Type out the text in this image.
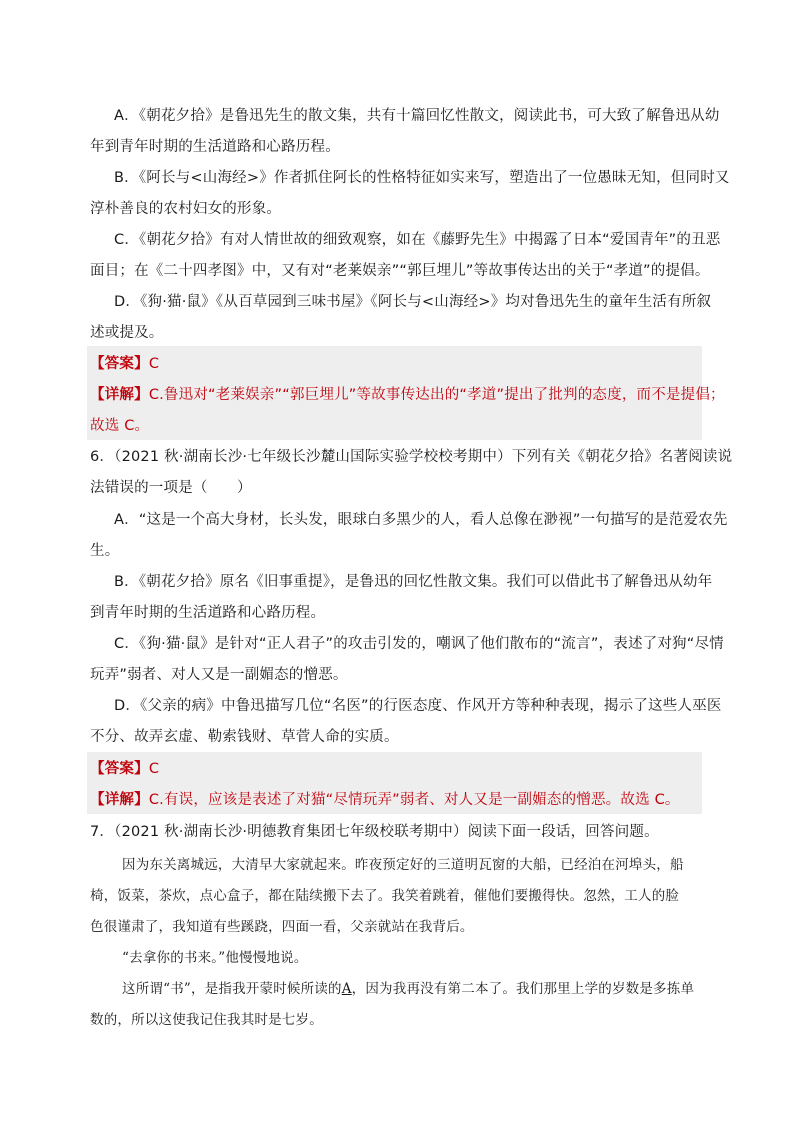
A．《朝花夕拾》是鲁迅先生的散文集，共有十篇回忆性散文，阅读此书，可大致了解鲁迅从幼
年到青年时期的生活道路和心路历程。
B．《阿长与<山海经>》作者抓住阿长的性格特征如实来写，塑造出了一位愚昧无知，但同时又
淳朴善良的农村妇女的形象。
C．《朝花夕拾》有对人情世故的细致观察，如在《藤野先生》中揭露了日本“爱国青年”的丑恶
面目；在《二十四孝图》中，又有对“老莱娱亲”“郭巨埋儿”等故事传达出的关于“孝道”的提倡。
D．《狗·猫·鼠》《从百草园到三味书屋》《阿长与<山海经>》均对鲁迅先生的童年生活有所叙
述或提及。
【答案】C
【详解】C.鲁迅对“老莱娱亲”“郭巨埋儿”等故事传达出的“孝道”提出了批判的态度，而不是提倡；
故选 C。
6．（2021 秋·湖南长沙·七年级长沙麓山国际实验学校校考期中）下列有关《朝花夕拾》名著阅读说
法错误的一项是（　　）
A．“这是一个高大身材，长头发，眼球白多黑少的人，看人总像在渺视”一句描写的是范爱农先
生。
B．《朝花夕拾》原名《旧事重提》，是鲁迅的回忆性散文集。我们可以借此书了解鲁迅从幼年
到青年时期的生活道路和心路历程。
C．《狗·猫·鼠》是针对“正人君子”的攻击引发的，嘲讽了他们散布的“流言”，表述了对狗“尽情
玩弄”弱者、对人又是一副媚态的憎恶。
D．《父亲的病》中鲁迅描写几位“名医”的行医态度、作风开方等种种表现，揭示了这些人巫医
不分、故弄玄虚、勒索钱财、草菅人命的实质。
【答案】C
【详解】C.有误，应该是表述了对猫“尽情玩弄”弱者、对人又是一副媚态的憎恶。故选 C。
7．（2021 秋·湖南长沙·明德教育集团七年级校联考期中）阅读下面一段话，回答问题。
因为东关离城远，大清早大家就起来。昨夜预定好的三道明瓦窗的大船，已经泊在河埠头，船
椅，饭菜，茶炊，点心盒子，都在陆续搬下去了。我笑着跳着，催他们要搬得快。忽然，工人的脸
色很谨肃了，我知道有些蹊跷，四面一看，父亲就站在我背后。
“去拿你的书来。”他慢慢地说。
这所谓“书”，是指我开蒙时候所读的A，因为我再没有第二本了。我们那里上学的岁数是多拣单
数的，所以这使我记住我其时是七岁。
